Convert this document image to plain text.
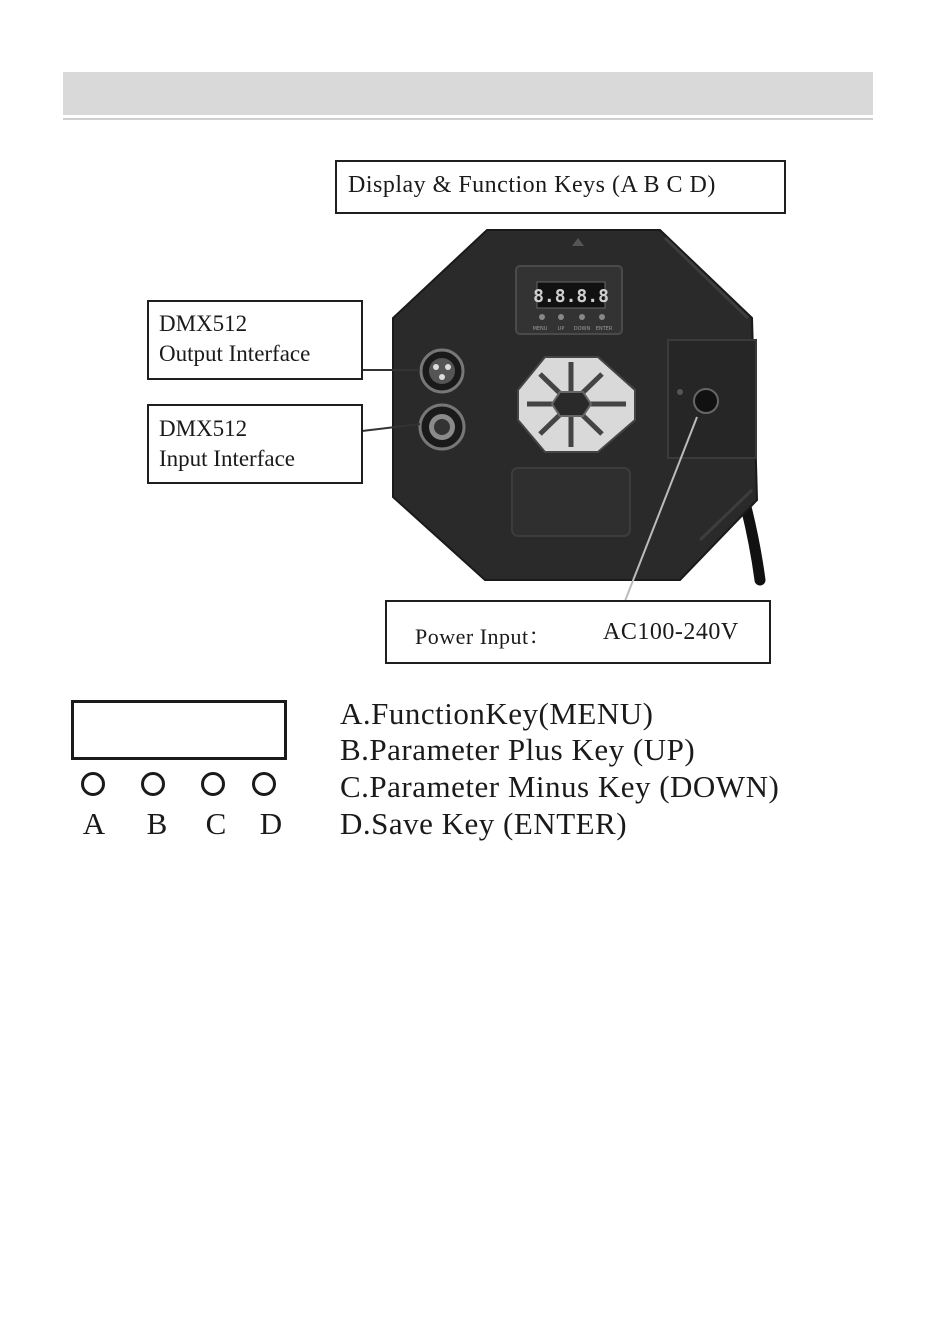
8.8.8.8
MENU UP DOWN ENTER
Display & Function Keys (A B C D)
DMX512
Output Interface
DMX512
Input Interface
Power Input： AC100-240V
A B C D
A.FunctionKey(MENU)
B.Parameter Plus Key (UP)
C.Parameter Minus Key (DOWN)
D.Save Key (ENTER)
